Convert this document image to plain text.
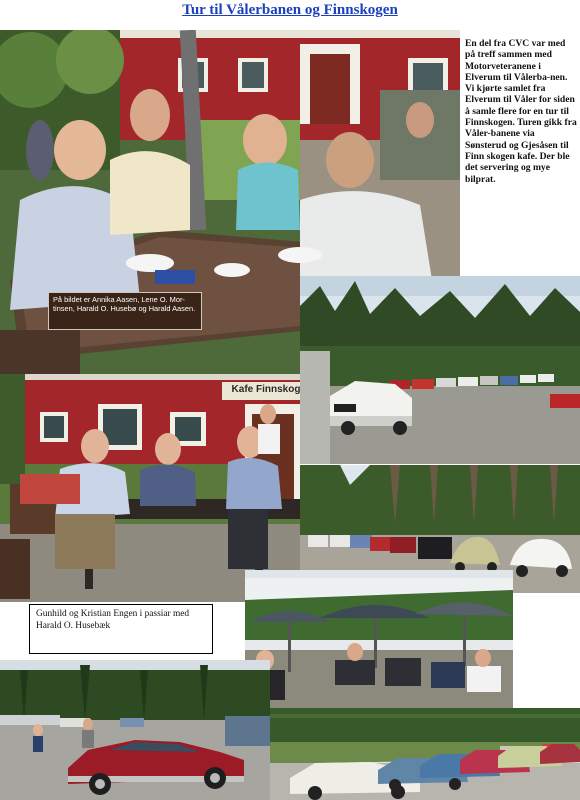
Tur til Vålerbanen og Finnskogen

En del fra CVC var med på treff sammen med Motorveteranene i Elverum til Vålerba-nen.

Vi kjørte samlet fra Elverum til Våler for siden å samle flere for en tur til Finnskogen. Turen gikk fra Våler-banene via Sønsterud og Gjesåsen til Finn skogen kafe. Der ble det servering og mye bilprat.

På bildet er Annika Aasen, Lene O. Mor-tinsen, Harald O. Husebø og Harald Aasen.
Kafe Finnskog
Gunhild og Kristian Engen i passiar med Harald O. Husebæk
